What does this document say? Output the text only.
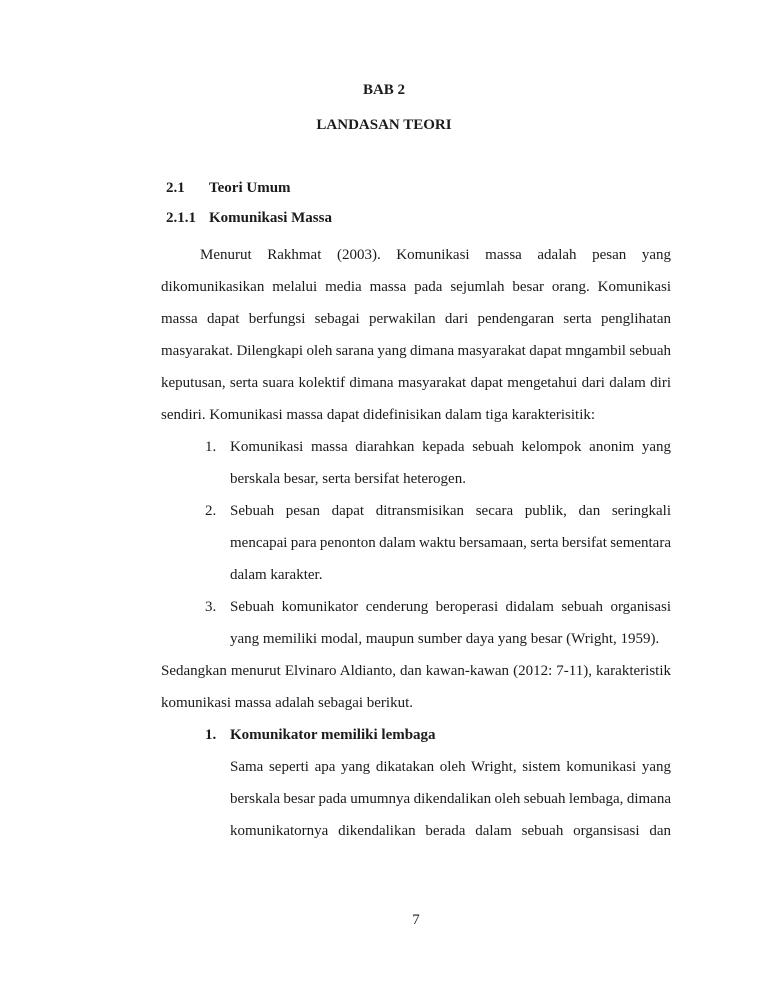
BAB 2
LANDASAN TEORI
2.1 Teori Umum
2.1.1 Komunikasi Massa
Menurut Rakhmat (2003). Komunikasi massa adalah pesan yang
dikomunikasikan melalui media massa pada sejumlah besar orang. Komunikasi
massa dapat berfungsi sebagai perwakilan dari pendengaran serta penglihatan
masyarakat. Dilengkapi oleh sarana yang dimana masyarakat dapat mngambil sebuah
keputusan, serta suara kolektif dimana masyarakat dapat mengetahui dari dalam diri
sendiri. Komunikasi massa dapat didefinisikan dalam tiga karakterisitik:
1. Komunikasi massa diarahkan kepada sebuah kelompok anonim yang
berskala besar, serta bersifat heterogen.
2. Sebuah pesan dapat ditransmisikan secara publik, dan seringkali
mencapai para penonton dalam waktu bersamaan, serta bersifat sementara
dalam karakter.
3. Sebuah komunikator cenderung beroperasi didalam sebuah organisasi
yang memiliki modal, maupun sumber daya yang besar (Wright, 1959).
Sedangkan menurut Elvinaro Aldianto, dan kawan-kawan (2012: 7-11), karakteristik
komunikasi massa adalah sebagai berikut.
1. Komunikator memiliki lembaga
Sama seperti apa yang dikatakan oleh Wright, sistem komunikasi yang
berskala besar pada umumnya dikendalikan oleh sebuah lembaga, dimana
komunikatornya dikendalikan berada dalam sebuah organsisasi dan
7
